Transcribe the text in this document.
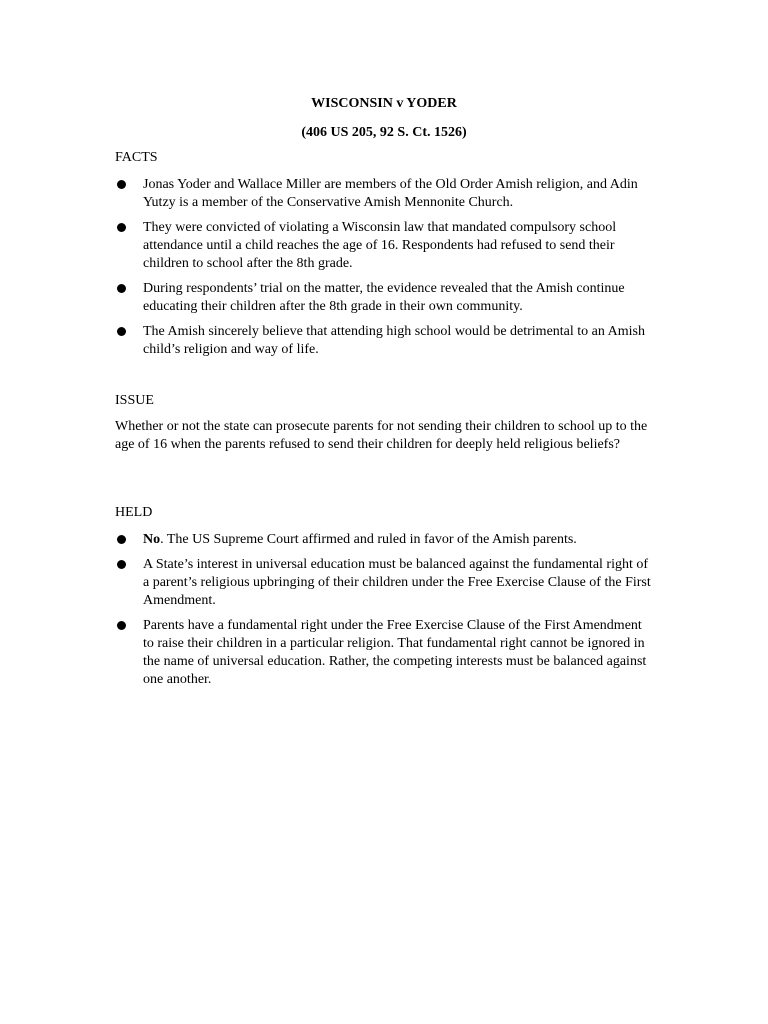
WISCONSIN v YODER
(406 US 205, 92 S. Ct. 1526)
FACTS
Jonas Yoder and Wallace Miller are members of the Old Order Amish religion, and Adin Yutzy is a member of the Conservative Amish Mennonite Church.
They were convicted of violating a Wisconsin law that mandated compulsory school attendance until a child reaches the age of 16. Respondents had refused to send their children to school after the 8th grade.
During respondents’ trial on the matter, the evidence revealed that the Amish continue educating their children after the 8th grade in their own community.
The Amish sincerely believe that attending high school would be detrimental to an Amish child’s religion and way of life.
ISSUE
Whether or not the state can prosecute parents for not sending their children to school up to the age of 16 when the parents refused to send their children for deeply held religious beliefs?
HELD
No. The US Supreme Court affirmed and ruled in favor of the Amish parents.
A State’s interest in universal education must be balanced against the fundamental right of a parent’s religious upbringing of their children under the Free Exercise Clause of the First Amendment.
Parents have a fundamental right under the Free Exercise Clause of the First Amendment to raise their children in a particular religion. That fundamental right cannot be ignored in the name of universal education. Rather, the competing interests must be balanced against one another.
